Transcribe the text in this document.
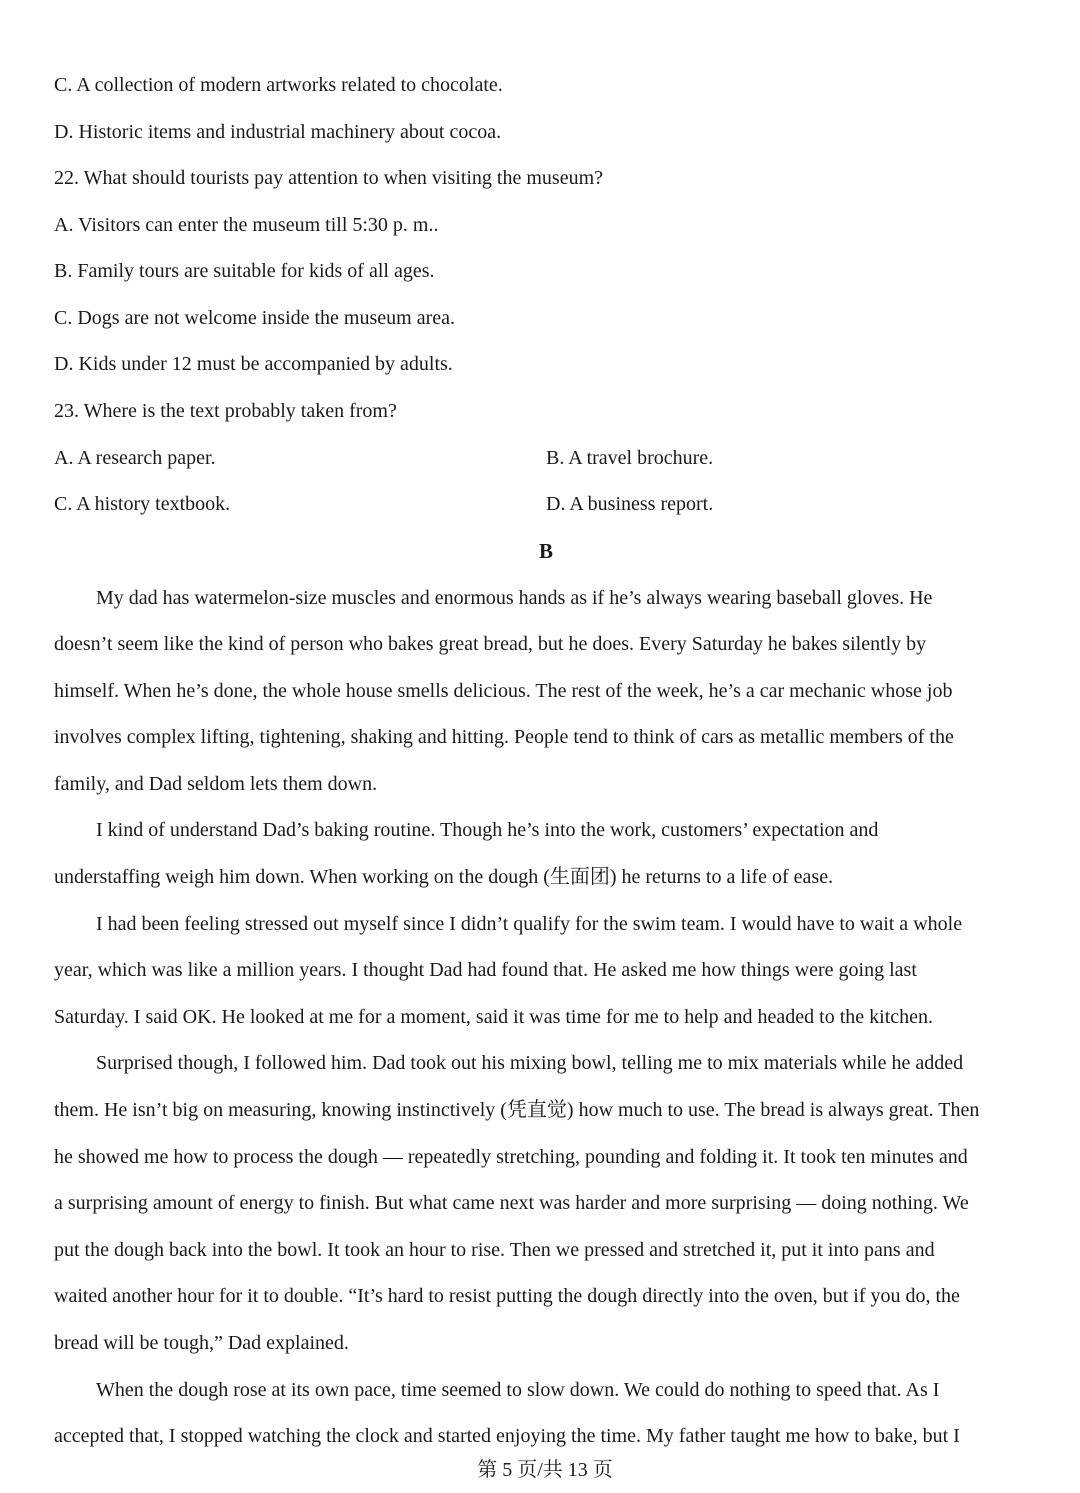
C. A collection of modern artworks related to chocolate.
D. Historic items and industrial machinery about cocoa.
22. What should tourists pay attention to when visiting the museum?
A. Visitors can enter the museum till 5:30 p. m..
B. Family tours are suitable for kids of all ages.
C. Dogs are not welcome inside the museum area.
D. Kids under 12 must be accompanied by adults.
23. Where is the text probably taken from?
A. A research paper.	B. A travel brochure.
C. A history textbook.	D. A business report.
B
My dad has watermelon-size muscles and enormous hands as if he’s always wearing baseball gloves. He
doesn’t seem like the kind of person who bakes great bread, but he does. Every Saturday he bakes silently by
himself. When he’s done, the whole house smells delicious. The rest of the week, he’s a car mechanic whose job
involves complex lifting, tightening, shaking and hitting. People tend to think of cars as metallic members of the
family, and Dad seldom lets them down.
I kind of understand Dad’s baking routine. Though he’s into the work, customers’ expectation and
understaffing weigh him down. When working on the dough (生面团) he returns to a life of ease.
I had been feeling stressed out myself since I didn’t qualify for the swim team. I would have to wait a whole
year, which was like a million years. I thought Dad had found that. He asked me how things were going last
Saturday. I said OK. He looked at me for a moment, said it was time for me to help and headed to the kitchen.
Surprised though, I followed him. Dad took out his mixing bowl, telling me to mix materials while he added
them. He isn’t big on measuring, knowing instinctively (凭直觉) how much to use. The bread is always great. Then
he showed me how to process the dough — repeatedly stretching, pounding and folding it. It took ten minutes and
a surprising amount of energy to finish. But what came next was harder and more surprising — doing nothing. We
put the dough back into the bowl. It took an hour to rise. Then we pressed and stretched it, put it into pans and
waited another hour for it to double. “It’s hard to resist putting the dough directly into the oven, but if you do, the
bread will be tough,” Dad explained.
When the dough rose at its own pace, time seemed to slow down. We could do nothing to speed that. As I
accepted that, I stopped watching the clock and started enjoying the time. My father taught me how to bake, but I
第 5 页/共 13 页
